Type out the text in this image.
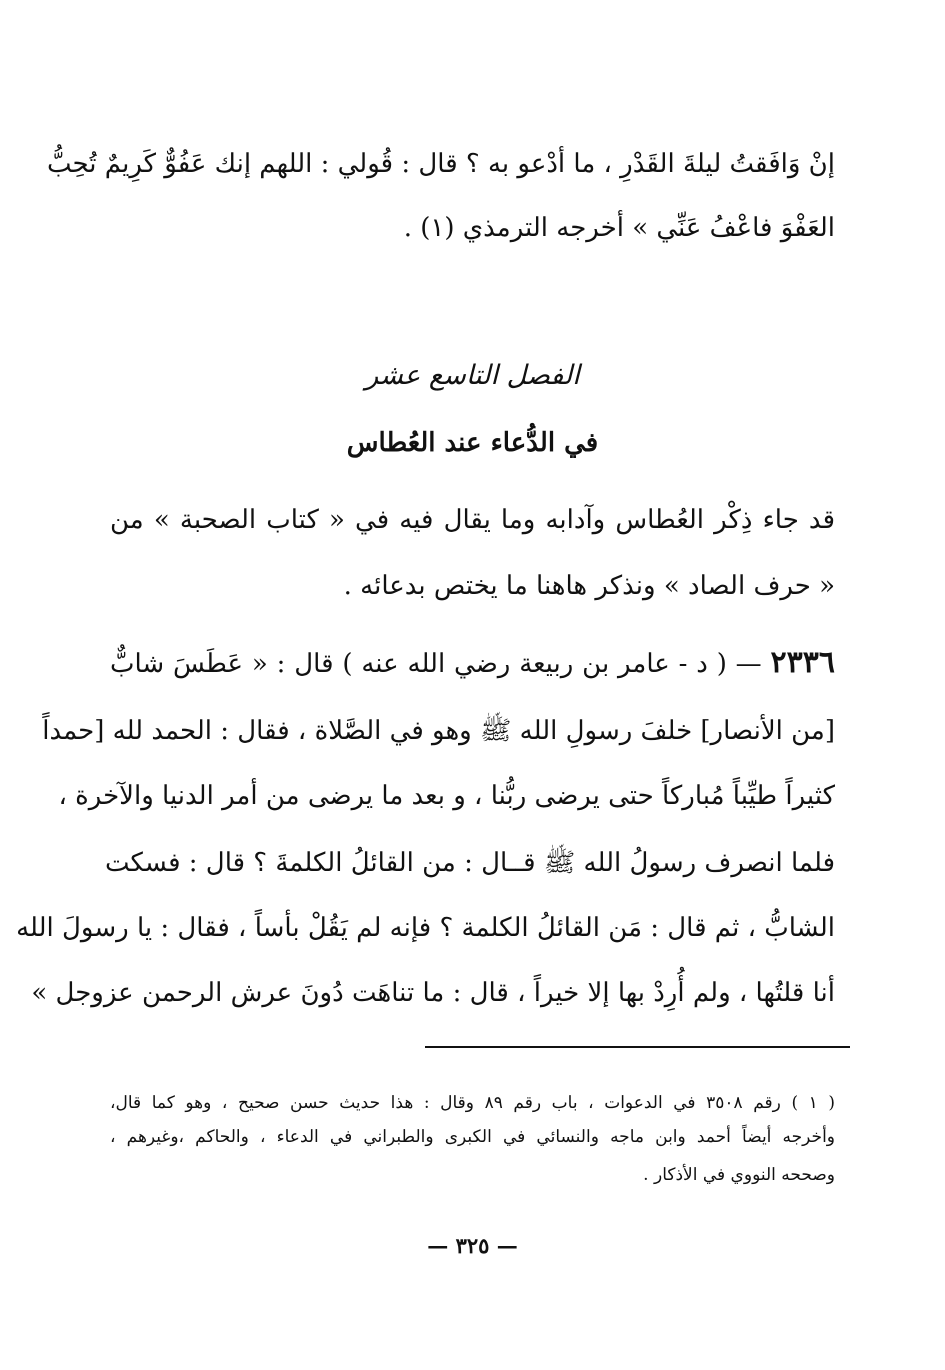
إنْ وَافَقتُ ليلةَ القَدْرِ ، ما أدْعو به ؟ قال : قُولي : اللهم إنك عَفُوٌّ كَرِيمٌ تُحِبُّ
العَفْوَ فاعْفُ عَنِّي » أخرجه الترمذي (١) .
الفصل التاسع عشر
في الدُّعاء عند العُطاس
قد جاء ذِكْر العُطاس وآدابه وما يقال فيه في « كتاب الصحبة » من
« حرف الصاد » ونذكر هاهنا ما يختص بدعائه .
٢٣٣٦ — ( د - عامر بن ربيعة رضي الله عنه ) قال : « عَطَسَ شابٌّ
[من الأنصار] خلفَ رسولِ الله ﷺ وهو في الصَّلاة ، فقال : الحمد لله [حمداً
كثيراً طيِّباً مُباركاً حتى يرضى ربُّنا ، و بعد ما يرضى من أمر الدنيا والآخرة ،
فلما انصرف رسولُ الله ﷺ قــال : من القائلُ الكلمةَ ؟ قال : فسكت
الشابُّ ، ثم قال : مَن القائلُ الكلمة ؟ فإنه لم يَقُلْ بأساً ، فقال : يا رسولَ الله
أنا قلتُها ، ولم أُرِدْ بها إلا خيراً ، قال : ما تناهَت دُونَ عرش الرحمن عزوجل »
( ١ ) رقم ٣٥٠٨ في الدعوات ، باب رقم ٨٩ وقال : هذا حديث حسن صحيح ، وهو كما قال،
وأخرجه أيضاً أحمد وابن ماجه والنسائي في الكبرى والطبراني في الدعاء ، والحاكم ،وغيرهم ،
وصححه النووي في الأذكار .
— ٣٢٥ —
